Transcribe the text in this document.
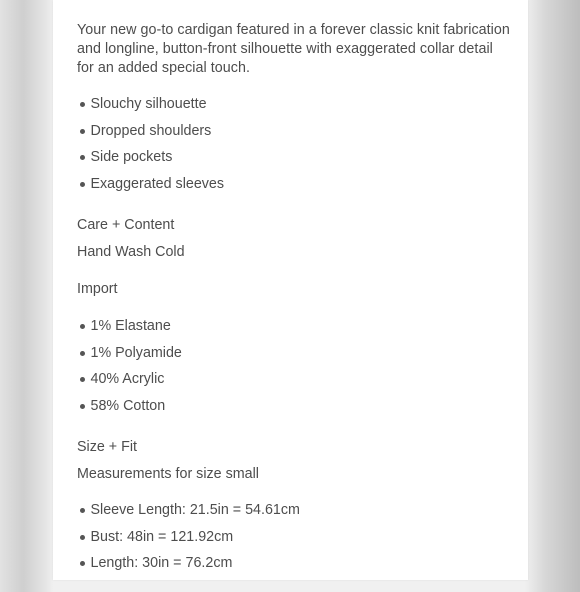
Your new go-to cardigan featured in a forever classic knit fabrication and longline, button-front silhouette with exaggerated collar detail for an added special touch.

Slouchy silhouette
Dropped shoulders
Side pockets
Exaggerated sleeves

Care + Content

Hand Wash Cold

Import

1% Elastane
1% Polyamide
40% Acrylic
58% Cotton

Size + Fit

Measurements for size small

Sleeve Length: 21.5in = 54.61cm
Bust: 48in = 121.92cm
Length: 30in = 76.2cm
